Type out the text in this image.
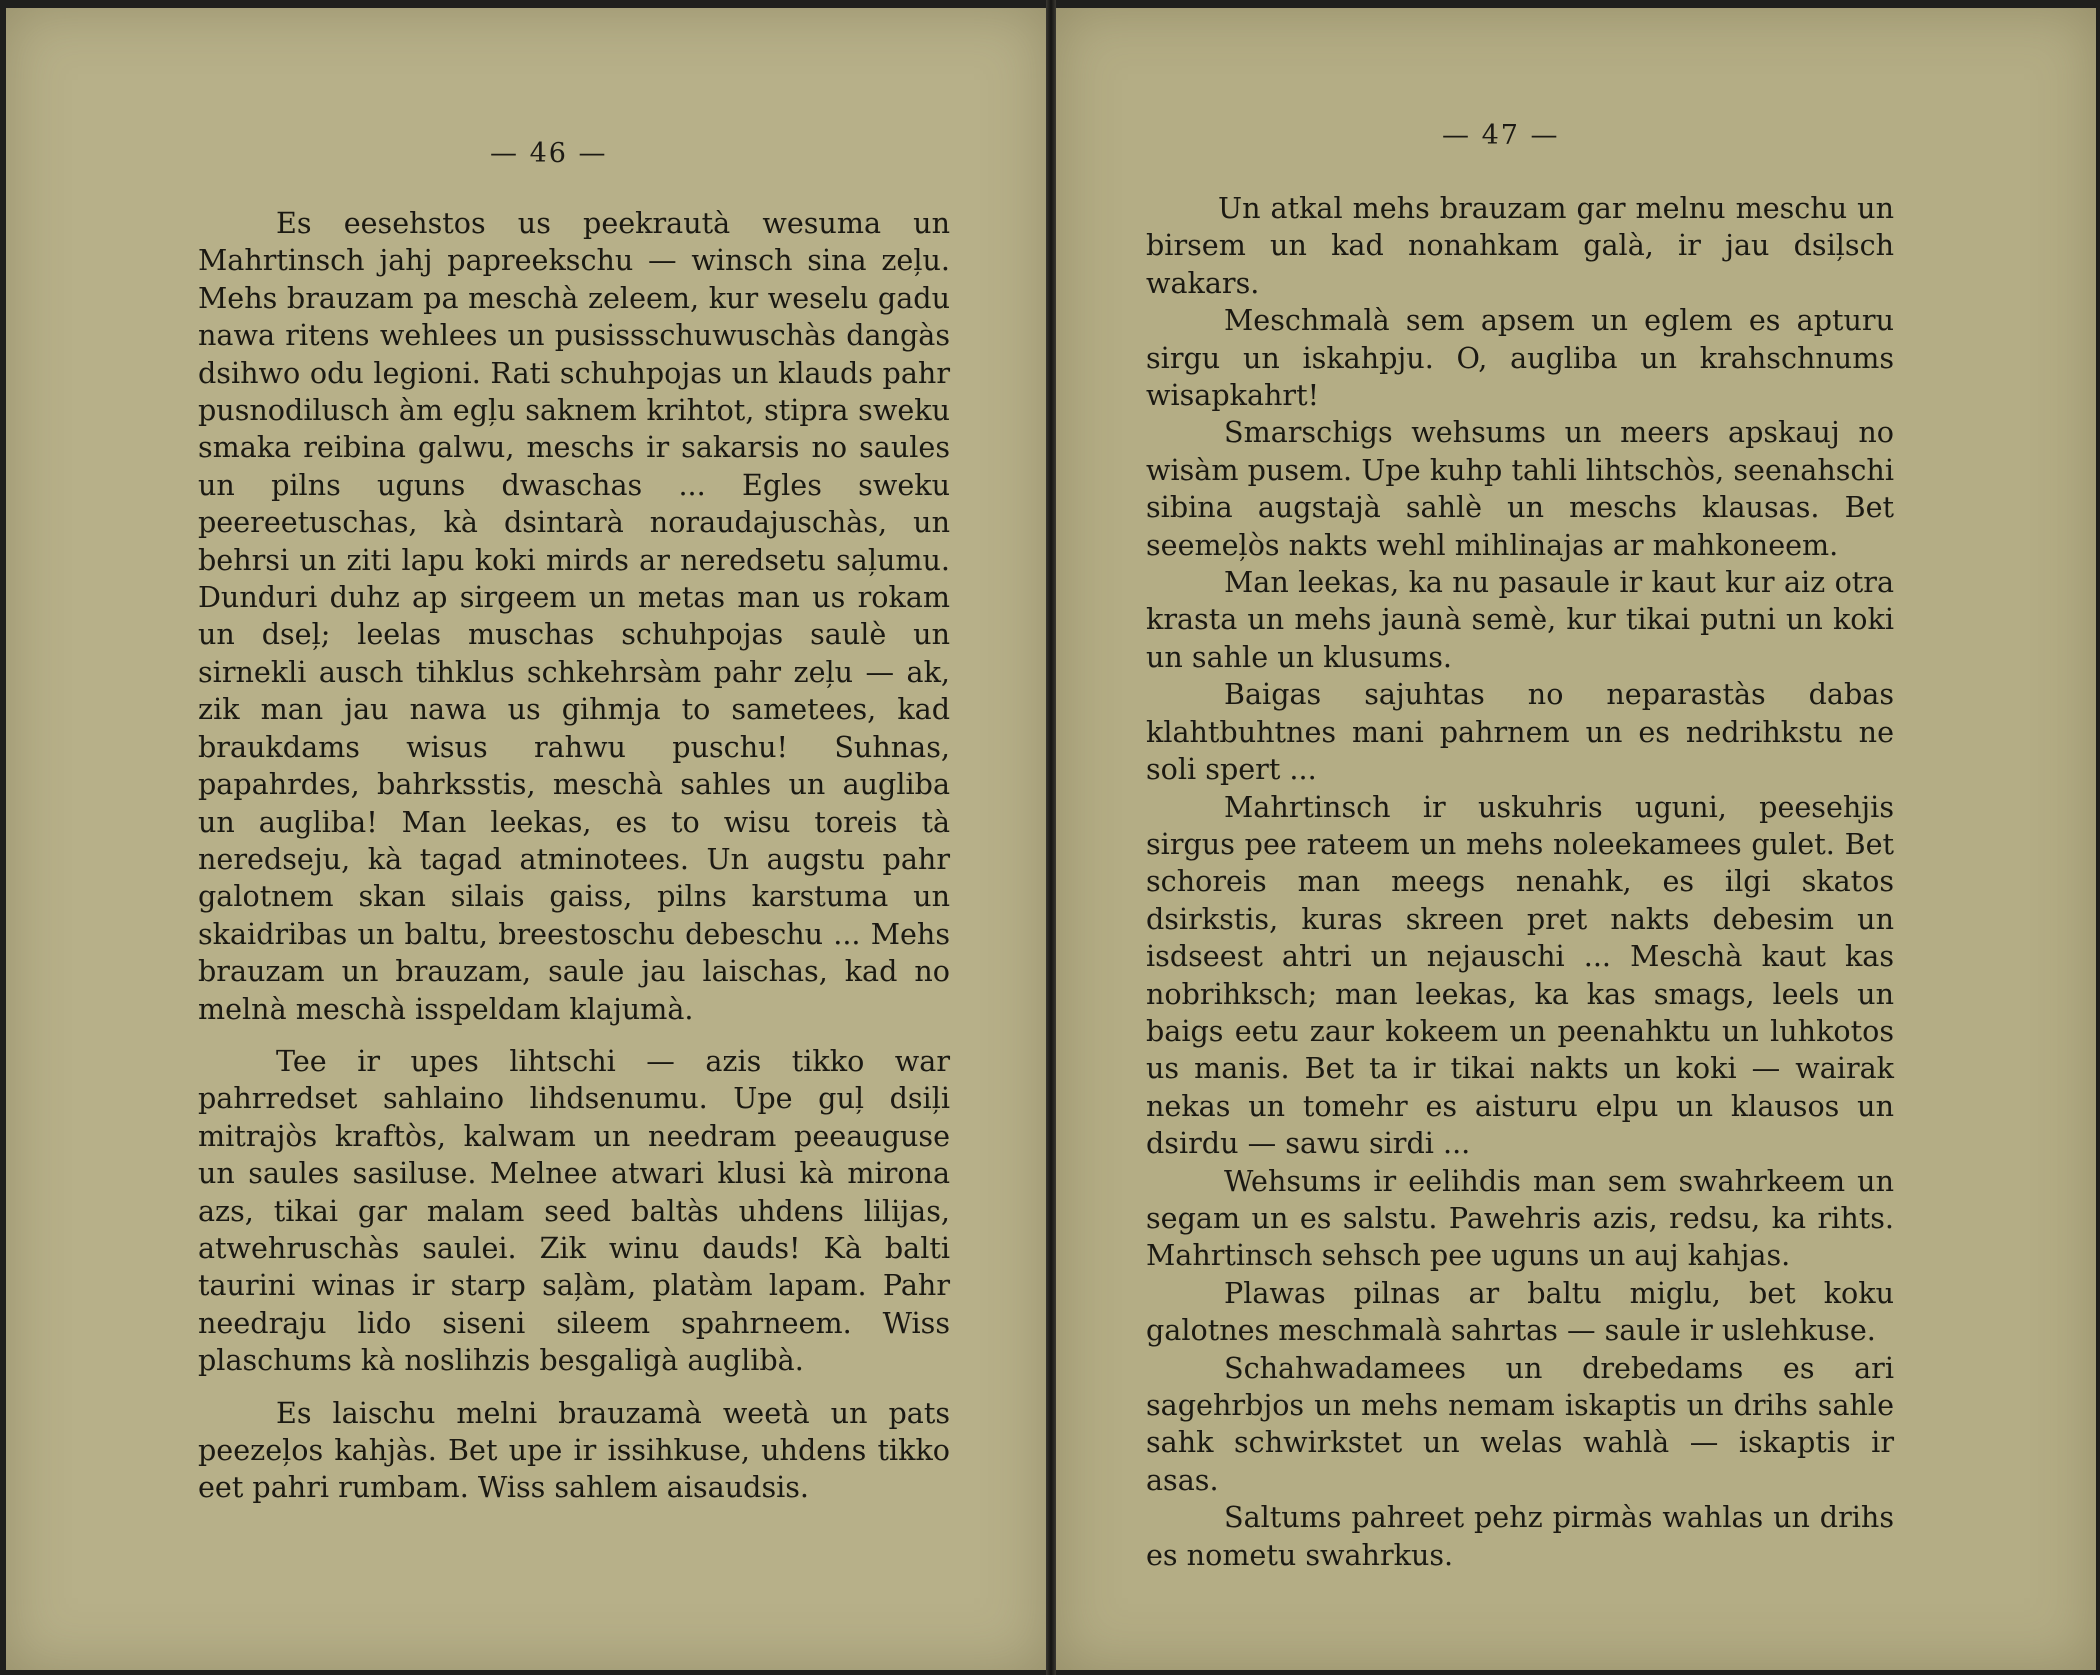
— 46 —

Es eesehstos us peekrautà wesuma un Mahrtinsch jahj papreekschu — winsch sina zeļu. Mehs brauzam pa meschà zeleem, kur weselu gadu nawa ritens wehlees un pusissschuwuschàs dangàs dsihwo odu legioni. Rati schuhpojas un klauds pahr pusnodilusch àm egļu saknem krihtot, stipra sweku smaka reibina galwu, meschs ir sakarsis no saules un pilns uguns dwaschas ... Egles sweku peereetuschas, kà dsintarà noraudajuschàs, un behrsi un ziti lapu koki mirds ar neredsetu saļumu. Dunduri duhz ap sirgeem un metas man us rokam un dseļ; leelas muschas schuhpojas saulè un sirnekli ausch tihklus schkehrsàm pahr zeļu — ak, zik man jau nawa us gihmja to sametees, kad braukdams wisus rahwu puschu! Suhnas, papahrdes, bahrksstis, meschà sahles un augliba un augliba! Man leekas, es to wisu toreis tà neredseju, kà tagad atminotees. Un augstu pahr galotnem skan silais gaiss, pilns karstuma un skaidribas un baltu, breestoschu debeschu ... Mehs brauzam un brauzam, saule jau laischas, kad no melnà meschà isspeldam klajumà.

Tee ir upes lihtschi — azis tikko war pahrredset sahlaino lihdsenumu. Upe guļ dsiļi mitrajòs kraftòs, kalwam un needram peeauguse un saules sasiluse. Melnee atwari klusi kà mirona azs, tikai gar malam seed baltàs uhdens lilijas, atwehruschàs saulei. Zik winu dauds! Kà balti taurini winas ir starp saļàm, platàm lapam. Pahr needraju lido siseni sileem spahrneem. Wiss plaschums kà noslihzis besgaligà auglibà.

Es laischu melni brauzamà weetà un pats peezeļos kahjàs. Bet upe ir issihkuse, uhdens tikko eet pahri rumbam. Wiss sahlem aisaudsis.

— 47 —

Un atkal mehs brauzam gar melnu meschu un birsem un kad nonahkam galà, ir jau dsiļsch wakars.

Meschmalà sem apsem un eglem es apturu sirgu un iskahpju. O, augliba un krahschnums wisapkahrt!

Smarschigs wehsums un meers apskauj no wisàm pusem. Upe kuhp tahli lihtschòs, seenahschi sibina augstajà sahlè un meschs klausas. Bet seemeļòs nakts wehl mihlinajas ar mahkoneem.

Man leekas, ka nu pasaule ir kaut kur aiz otra krasta un mehs jaunà semè, kur tikai putni un koki un sahle un klusums.

Baigas sajuhtas no neparastàs dabas klahtbuhtnes mani pahrnem un es nedrihkstu ne soli spert ...

Mahrtinsch ir uskuhris uguni, peesehjis sirgus pee rateem un mehs noleekamees gulet. Bet schoreis man meegs nenahk, es ilgi skatos dsirkstis, kuras skreen pret nakts debesim un isdseest ahtri un nejauschi ... Meschà kaut kas nobrihksch; man leekas, ka kas smags, leels un baigs eetu zaur kokeem un peenahktu un luhkotos us manis. Bet ta ir tikai nakts un koki — wairak nekas un tomehr es aisturu elpu un klausos un dsirdu — sawu sirdi ...

Wehsums ir eelihdis man sem swahrkeem un segam un es salstu. Pawehris azis, redsu, ka rihts. Mahrtinsch sehsch pee uguns un auj kahjas.

Plawas pilnas ar baltu miglu, bet koku galotnes meschmalà sahrtas — saule ir uslehkuse.

Schahwadamees un drebedams es ari sagehrbjos un mehs nemam iskaptis un drihs sahle sahk schwirkstet un welas wahlà — iskaptis ir asas.

Saltums pahreet pehz pirmàs wahlas un drihs es nometu swahrkus.
